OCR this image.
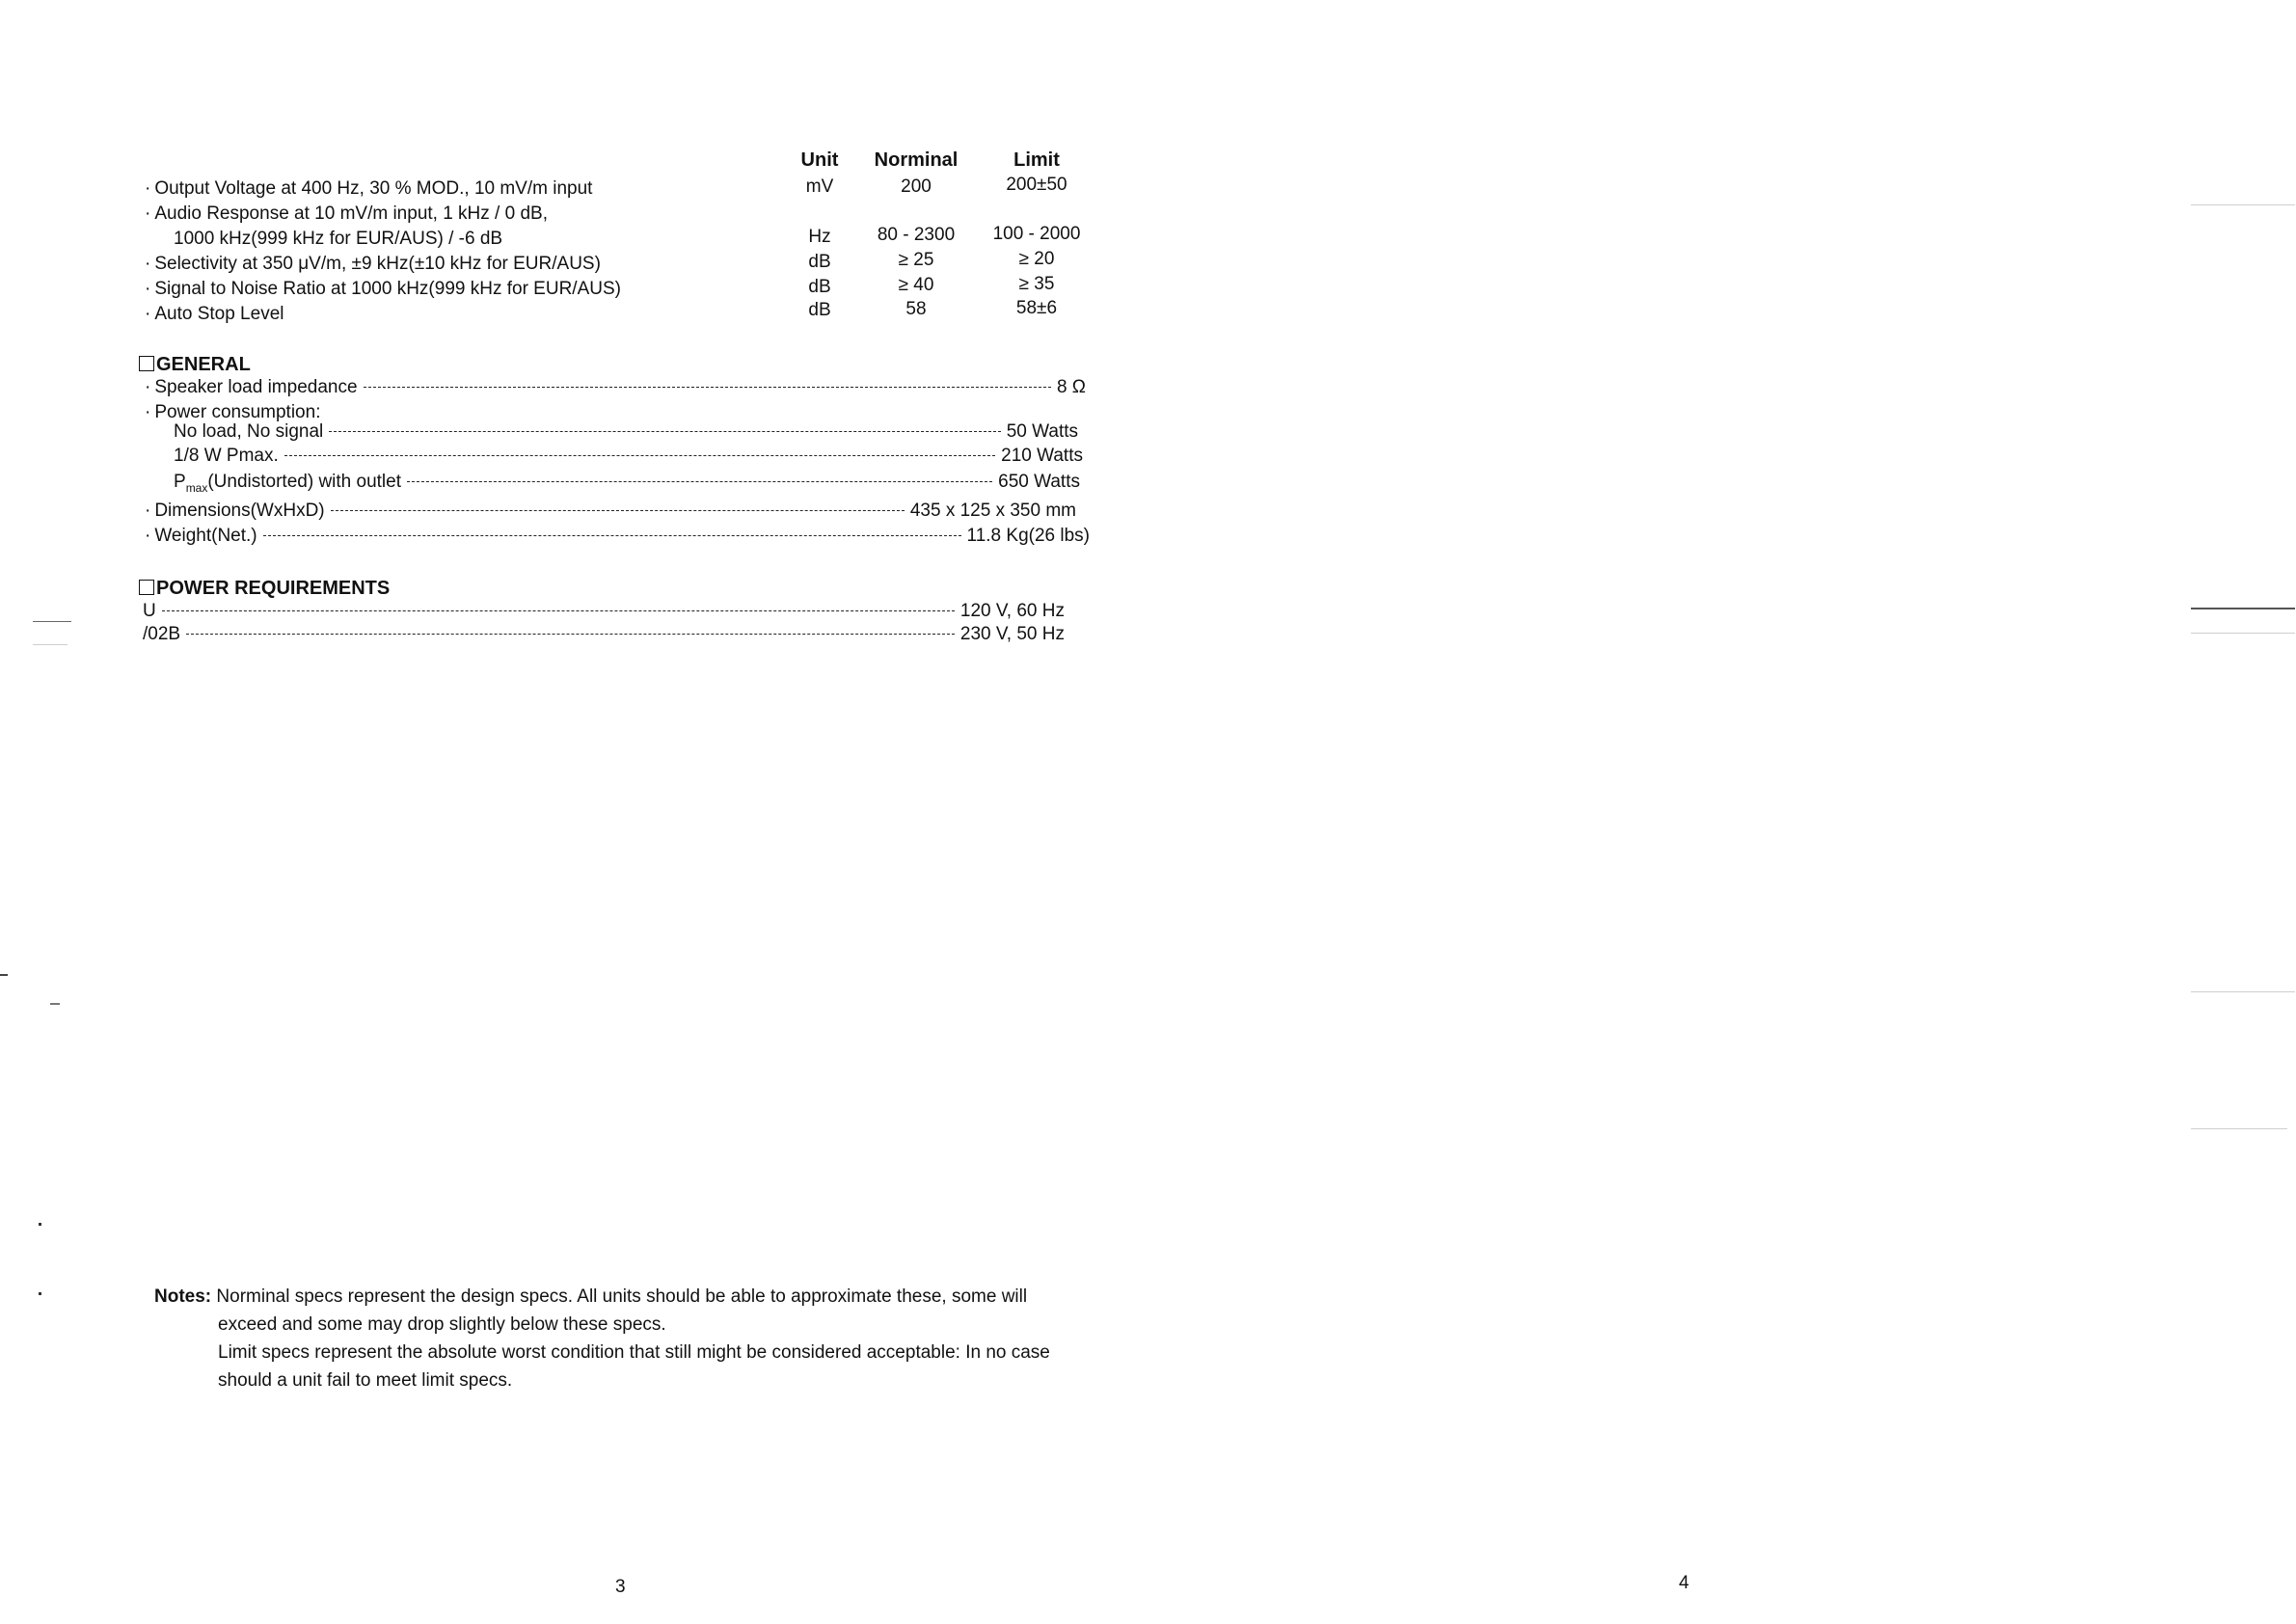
Unit	Norminal	Limit
· Output Voltage at 400 Hz, 30 % MOD., 10 mV/m input	mV	200	200±50
· Audio Response at 10 mV/m input, 1 kHz / 0 dB,
1000 kHz(999 kHz for EUR/AUS) / -6 dB	Hz	80 - 2300	100 - 2000
· Selectivity at 350 μV/m, ±9 kHz(±10 kHz for EUR/AUS)	dB	≥ 25	≥ 20
· Signal to Noise Ratio at 1000 kHz(999 kHz for EUR/AUS)	dB	≥ 40	≥ 35
· Auto Stop Level	dB	58	58±6
GENERAL
· Speaker load impedance	8 Ω
· Power consumption:
No load, No signal	50 Watts
1/8 W Pmax.	210 Watts
$P_{max}(Undistorted)$ with outlet	650 Watts
· Dimensions(WxHxD)	435 x 125 x 350 mm
· Weight(Net.)	11.8 Kg(26 lbs)
POWER REQUIREMENTS
U	120 V, 60 Hz
/02B	230 V, 50 Hz
Notes: Norminal specs represent the design specs. All units should be able to approximate these, some will
exceed and some may drop slightly below these specs.
Limit specs represent the absolute worst condition that still might be considered acceptable: In no case
should a unit fail to meet limit specs.
3	4
